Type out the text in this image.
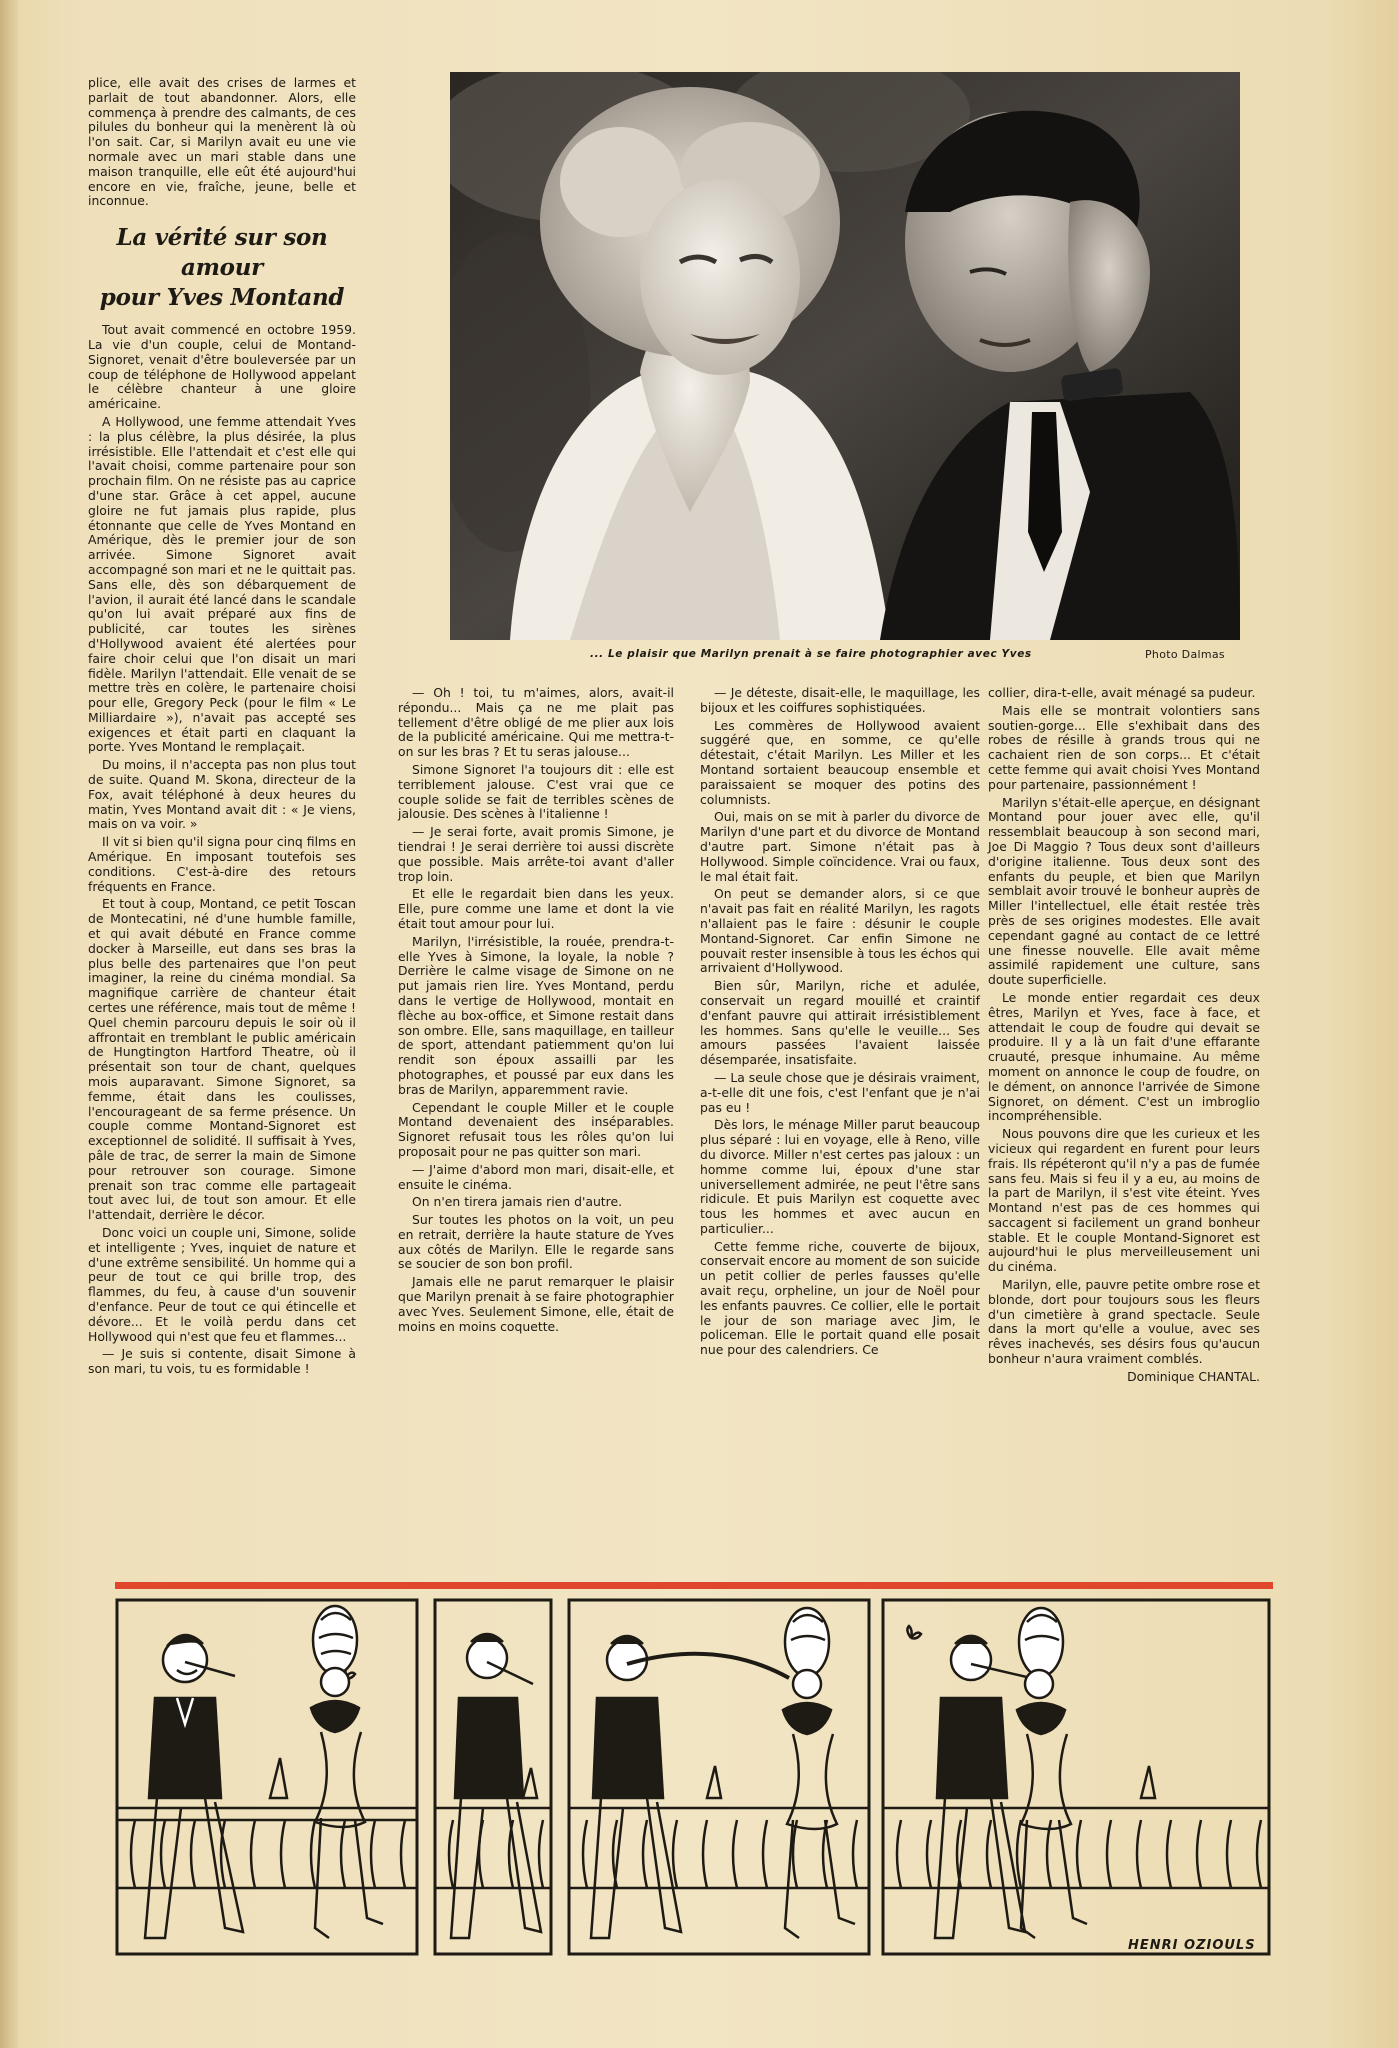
plice, elle avait des crises de larmes et parlait de tout abandonner. Alors, elle commença à prendre des calmants, de ces pilules du bonheur qui la menèrent là où l'on sait. Car, si Marilyn avait eu une vie normale avec un mari stable dans une maison tranquille, elle eût été aujourd'hui encore en vie, fraîche, jeune, belle et inconnue.

La vérité sur son amour
pour Yves Montand

Tout avait commencé en octobre 1959. La vie d'un couple, celui de Montand-Signoret, venait d'être bouleversée par un coup de téléphone de Hollywood appelant le célèbre chanteur à une gloire américaine.

A Hollywood, une femme attendait Yves : la plus célèbre, la plus désirée, la plus irrésistible. Elle l'attendait et c'est elle qui l'avait choisi, comme partenaire pour son prochain film. On ne résiste pas au caprice d'une star. Grâce à cet appel, aucune gloire ne fut jamais plus rapide, plus étonnante que celle de Yves Montand en Amérique, dès le premier jour de son arrivée. Simone Signoret avait accompagné son mari et ne le quittait pas. Sans elle, dès son débarquement de l'avion, il aurait été lancé dans le scandale qu'on lui avait préparé aux fins de publicité, car toutes les sirènes d'Hollywood avaient été alertées pour faire choir celui que l'on disait un mari fidèle. Marilyn l'attendait. Elle venait de se mettre très en colère, le partenaire choisi pour elle, Gregory Peck (pour le film « Le Milliardaire »), n'avait pas accepté ses exigences et était parti en claquant la porte. Yves Montand le remplaçait.

Du moins, il n'accepta pas non plus tout de suite. Quand M. Skona, directeur de la Fox, avait téléphoné à deux heures du matin, Yves Montand avait dit : « Je viens, mais on va voir. »

Il vit si bien qu'il signa pour cinq films en Amérique. En imposant toutefois ses conditions. C'est-à-dire des retours fréquents en France.

Et tout à coup, Montand, ce petit Toscan de Montecatini, né d'une humble famille, et qui avait débuté en France comme docker à Marseille, eut dans ses bras la plus belle des partenaires que l'on peut imaginer, la reine du cinéma mondial. Sa magnifique carrière de chanteur était certes une référence, mais tout de même ! Quel chemin parcouru depuis le soir où il affrontait en tremblant le public américain de Hungtington Hartford Theatre, où il présentait son tour de chant, quelques mois auparavant. Simone Signoret, sa femme, était dans les coulisses, l'encourageant de sa ferme présence. Un couple comme Montand-Signoret est exceptionnel de solidité. Il suffisait à Yves, pâle de trac, de serrer la main de Simone pour retrouver son courage. Simone prenait son trac comme elle partageait tout avec lui, de tout son amour. Et elle l'attendait, derrière le décor.

Donc voici un couple uni, Simone, solide et intelligente ; Yves, inquiet de nature et d'une extrême sensibilité. Un homme qui a peur de tout ce qui brille trop, des flammes, du feu, à cause d'un souvenir d'enfance. Peur de tout ce qui étincelle et dévore... Et le voilà perdu dans cet Hollywood qui n'est que feu et flammes...

— Je suis si contente, disait Simone à son mari, tu vois, tu es formidable !

... Le plaisir que Marilyn prenait à se faire photographier avec Yves	Photo Dalmas

— Oh ! toi, tu m'aimes, alors, avait-il répondu... Mais ça ne me plait pas tellement d'être obligé de me plier aux lois de la publicité américaine. Qui me mettra-t-on sur les bras ? Et tu seras jalouse...

Simone Signoret l'a toujours dit : elle est terriblement jalouse. C'est vrai que ce couple solide se fait de terribles scènes de jalousie. Des scènes à l'italienne !

— Je serai forte, avait promis Simone, je tiendrai ! Je serai derrière toi aussi discrète que possible. Mais arrête-toi avant d'aller trop loin.

Et elle le regardait bien dans les yeux. Elle, pure comme une lame et dont la vie était tout amour pour lui.

Marilyn, l'irrésistible, la rouée, prendra-t-elle Yves à Simone, la loyale, la noble ? Derrière le calme visage de Simone on ne put jamais rien lire. Yves Montand, perdu dans le vertige de Hollywood, montait en flèche au box-office, et Simone restait dans son ombre. Elle, sans maquillage, en tailleur de sport, attendant patiemment qu'on lui rendit son époux assailli par les photographes, et poussé par eux dans les bras de Marilyn, apparemment ravie.

Cependant le couple Miller et le couple Montand devenaient des inséparables. Signoret refusait tous les rôles qu'on lui proposait pour ne pas quitter son mari.

— J'aime d'abord mon mari, disait-elle, et ensuite le cinéma.

On n'en tirera jamais rien d'autre.

Sur toutes les photos on la voit, un peu en retrait, derrière la haute stature de Yves aux côtés de Marilyn. Elle le regarde sans se soucier de son bon profil.

Jamais elle ne parut remarquer le plaisir que Marilyn prenait à se faire photographier avec Yves. Seulement Simone, elle, était de moins en moins coquette.

— Je déteste, disait-elle, le maquillage, les bijoux et les coiffures sophistiquées.

Les commères de Hollywood avaient suggéré que, en somme, ce qu'elle détestait, c'était Marilyn. Les Miller et les Montand sortaient beaucoup ensemble et paraissaient se moquer des potins des columnists.

Oui, mais on se mit à parler du divorce de Marilyn d'une part et du divorce de Montand d'autre part. Simone n'était pas à Hollywood. Simple coïncidence. Vrai ou faux, le mal était fait.

On peut se demander alors, si ce que n'avait pas fait en réalité Marilyn, les ragots n'allaient pas le faire : désunir le couple Montand-Signoret. Car enfin Simone ne pouvait rester insensible à tous les échos qui arrivaient d'Hollywood.

Bien sûr, Marilyn, riche et adulée, conservait un regard mouillé et craintif d'enfant pauvre qui attirait irrésistiblement les hommes. Sans qu'elle le veuille... Ses amours passées l'avaient laissée désemparée, insatisfaite.

— La seule chose que je désirais vraiment, a-t-elle dit une fois, c'est l'enfant que je n'ai pas eu !

Dès lors, le ménage Miller parut beaucoup plus séparé : lui en voyage, elle à Reno, ville du divorce. Miller n'est certes pas jaloux : un homme comme lui, époux d'une star universellement admirée, ne peut l'être sans ridicule. Et puis Marilyn est coquette avec tous les hommes et avec aucun en particulier...

Cette femme riche, couverte de bijoux, conservait encore au moment de son suicide un petit collier de perles fausses qu'elle avait reçu, orpheline, un jour de Noël pour les enfants pauvres. Ce collier, elle le portait le jour de son mariage avec Jim, le policeman. Elle le portait quand elle posait nue pour des calendriers. Ce

collier, dira-t-elle, avait ménagé sa pudeur.

Mais elle se montrait volontiers sans soutien-gorge... Elle s'exhibait dans des robes de résille à grands trous qui ne cachaient rien de son corps... Et c'était cette femme qui avait choisi Yves Montand pour partenaire, passionnément !

Marilyn s'était-elle aperçue, en désignant Montand pour jouer avec elle, qu'il ressemblait beaucoup à son second mari, Joe Di Maggio ? Tous deux sont d'ailleurs d'origine italienne. Tous deux sont des enfants du peuple, et bien que Marilyn semblait avoir trouvé le bonheur auprès de Miller l'intellectuel, elle était restée très près de ses origines modestes. Elle avait cependant gagné au contact de ce lettré une finesse nouvelle. Elle avait même assimilé rapidement une culture, sans doute superficielle.

Le monde entier regardait ces deux êtres, Marilyn et Yves, face à face, et attendait le coup de foudre qui devait se produire. Il y a là un fait d'une effarante cruauté, presque inhumaine. Au même moment on annonce le coup de foudre, on le dément, on annonce l'arrivée de Simone Signoret, on dément. C'est un imbroglio incompréhensible.

Nous pouvons dire que les curieux et les vicieux qui regardent en furent pour leurs frais. Ils répéteront qu'il n'y a pas de fumée sans feu. Mais si feu il y a eu, au moins de la part de Marilyn, il s'est vite éteint. Yves Montand n'est pas de ces hommes qui saccagent si facilement un grand bonheur stable. Et le couple Montand-Signoret est aujourd'hui le plus merveilleusement uni du cinéma.

Marilyn, elle, pauvre petite ombre rose et blonde, dort pour toujours sous les fleurs d'un cimetière à grand spectacle. Seule dans la mort qu'elle a voulue, avec ses rêves inachevés, ses désirs fous qu'aucun bonheur n'aura vraiment comblés.

Dominique CHANTAL.
HENRI OZIOULS
